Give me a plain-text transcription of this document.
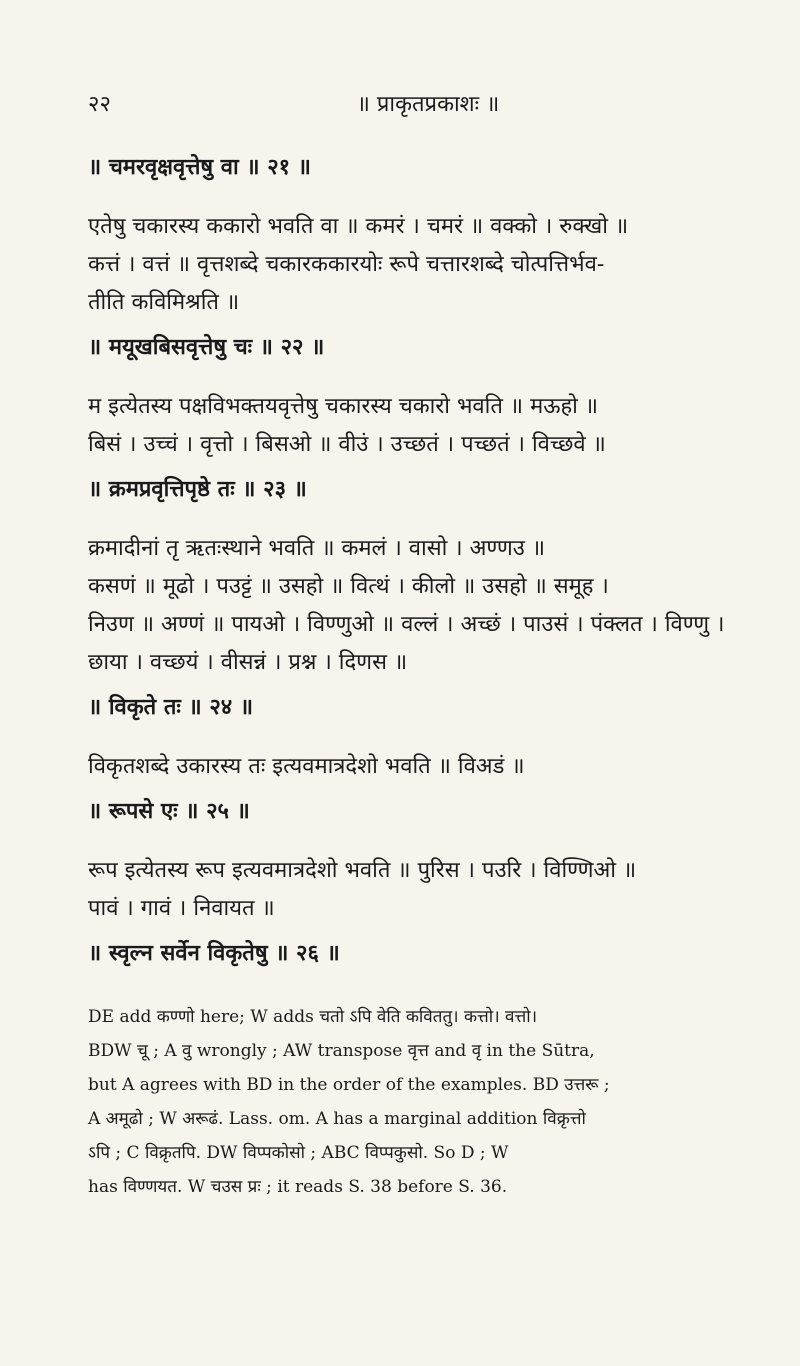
२२	॥ प्राकृतप्रकाशः ॥

॥ चमरवृक्षवृत्तेषु वा ॥ २१ ॥

एतेषु चकारस्य ककारो भवति वा ॥ कमरं । चमरं ॥ वक्को । रुक्खो ॥

कत्तं । वत्तं ॥ वृत्तशब्दे चकारककारयोः रूपे चत्तारशब्दे चोत्पत्तिर्भव-

तीति कविमिश्रति ॥

॥ मयूखबिसवृत्तेषु चः ॥ २२ ॥

म इत्येतस्य पक्षविभक्तयवृत्तेषु चकारस्य चकारो भवति ॥ मऊहो ॥

बिसं । उच्चं । वृत्तो । बिसओ ॥ वीउं । उच्छतं । पच्छतं । विच्छवे ॥

॥ क्रमप्रवृत्तिपृष्ठे तः ॥ २३ ॥

क्रमादीनां तृ ऋतःस्थाने भवति ॥ कमलं । वासो । अण्णउ ॥

कसणं ॥ मूढो । पउट्टं ॥ उसहो ॥ वित्थं । कीलो ॥ उसहो ॥ समूह ।

निउण ॥ अण्णं ॥ पायओ । विण्णुओ ॥ वल्लं । अच्छं । पाउसं । पंक्लत । विण्णु ।

छाया । वच्छयं । वीसन्नं । प्रश्न । दिणस ॥

॥ विकृते तः ॥ २४ ॥

विकृतशब्दे उकारस्य तः इत्यवमात्रदेशो भवति ॥ विअडं ॥

॥ रूपसे एः ॥ २५ ॥

रूप इत्येतस्य रूप इत्यवमात्रदेशो भवति ॥ पुरिस । पउरि । विण्णिओ ॥

पावं । गावं । निवायत ॥

॥ स्वृल्न सर्वेन विकृतेषु ॥ २६ ॥

DE add कण्णो here; W adds चतो ऽपि वेति कविततु। कत्तो। वत्तो।

BDW चू ; A वु wrongly ; AW transpose वृत्त and वृ in the Sūtra,

but A agrees with BD in the order of the examples. BD उत्तरू ;

A अमूढो ; W अरूढं. Lass. om. A has a marginal addition विक्रृत्तो

ऽपि ; C विक्रृतपि. DW विप्पकोसो ; ABC विप्पकुसो. So D ; W

has विण्णयत. W चउस प्रः ; it reads S. 38 before S. 36.
